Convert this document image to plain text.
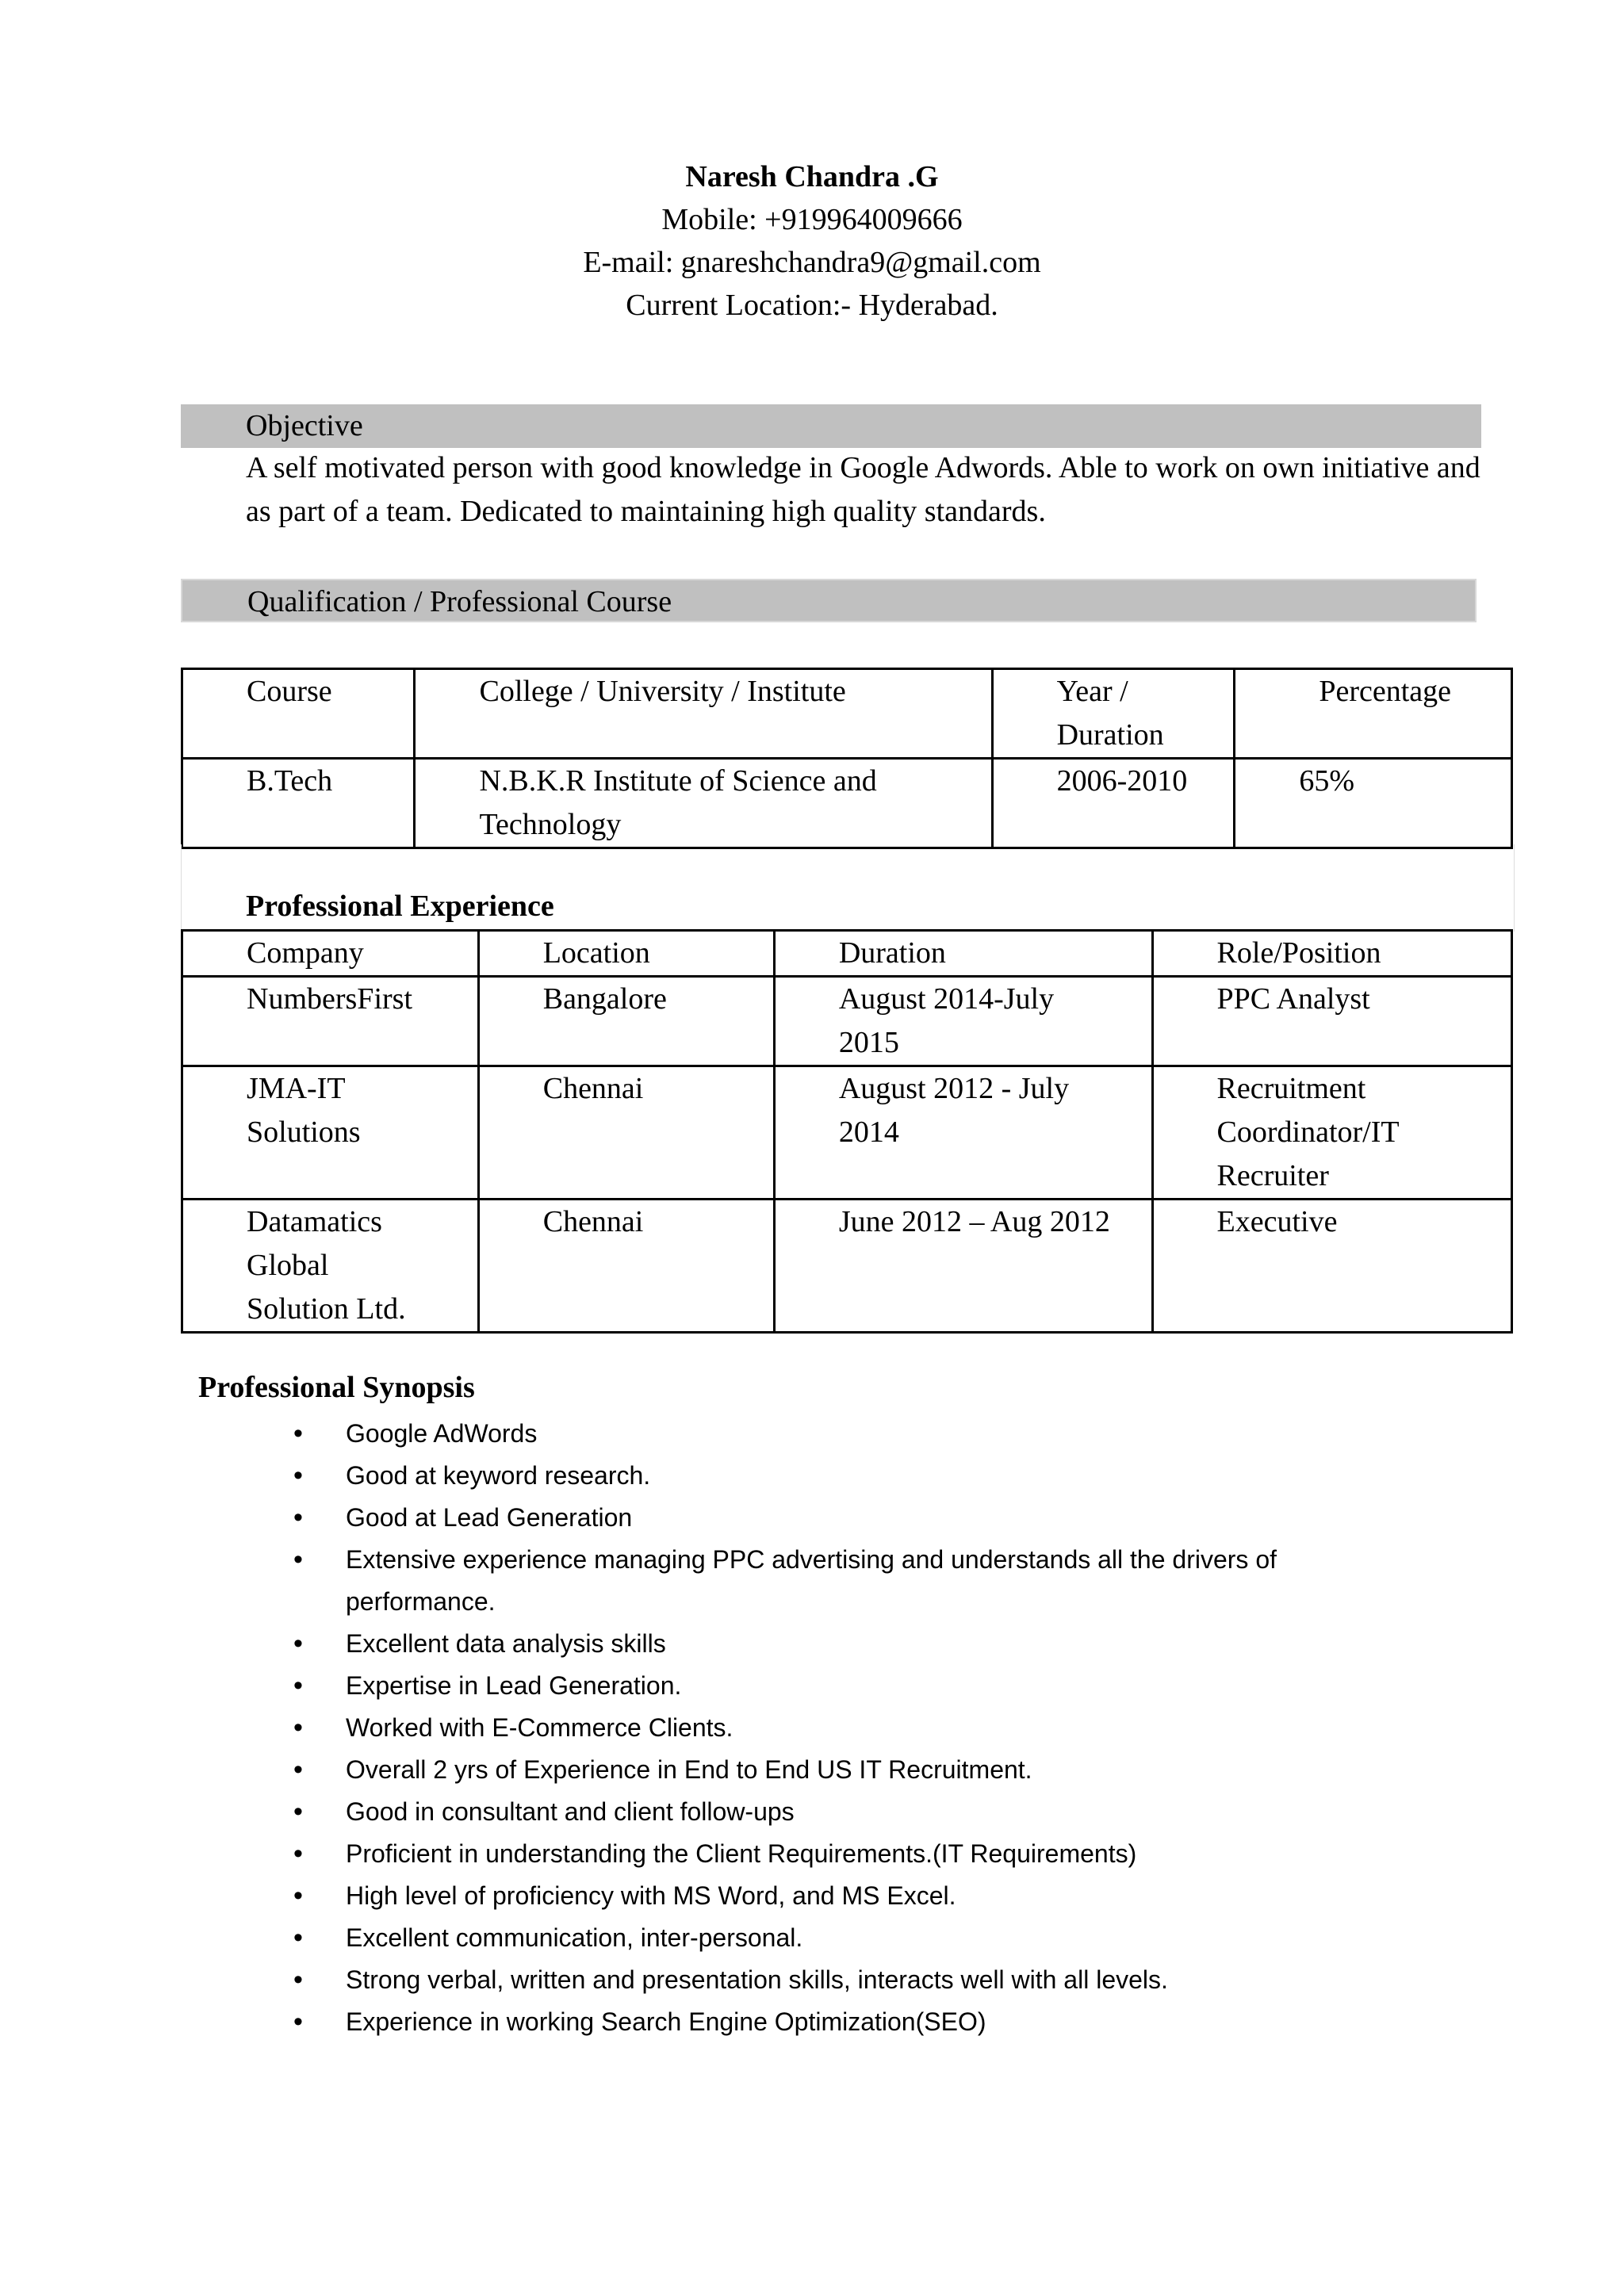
Naresh Chandra .G
Mobile: +919964009666
E-mail: gnareshchandra9@gmail.com
Current Location:- Hyderabad.
Objective
A self motivated person with good knowledge in Google Adwords. Able to work on own initiative and as part of a team. Dedicated to maintaining high quality standards.
Qualification / Professional Course
Course	College / University / Institute	Year / Duration	Percentage

B.Tech	N.B.K.R Institute of Science and Technology	2006-2010	65%
Professional Experience
Company	Location	Duration	Role/Position

NumbersFirst	Bangalore	August 2014-July 2015	PPC Analyst

JMA-IT Solutions	Chennai	August 2012 - July 2014	Recruitment Coordinator/IT Recruiter

Datamatics Global Solution Ltd.	Chennai	June 2012 – Aug 2012	Executive
Professional Synopsis
• Google AdWords
• Good at keyword research.
• Good at Lead Generation
• Extensive experience managing PPC advertising and understands all the drivers of performance.
• Excellent data analysis skills
• Expertise in Lead Generation.
• Worked with E-Commerce Clients.
• Overall 2 yrs of Experience in End to End US IT Recruitment.
• Good in consultant and client follow-ups
• Proficient in understanding the Client Requirements.(IT Requirements)
• High level of proficiency with MS Word, and MS Excel.
• Excellent communication, inter-personal.
• Strong verbal, written and presentation skills, interacts well with all levels.
• Experience in working Search Engine Optimization(SEO)
